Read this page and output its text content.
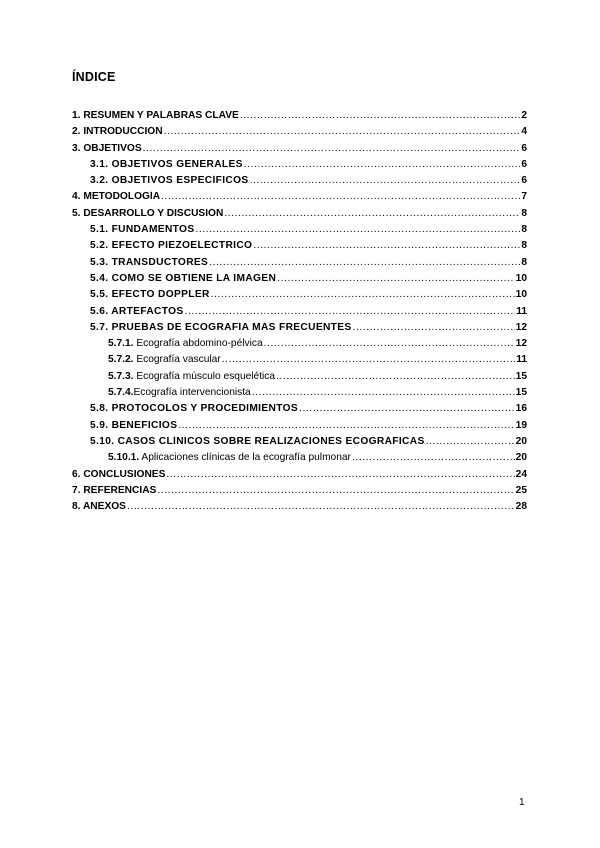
ÍNDICE
1. RESUMEN Y PALABRAS CLAVE .....	2
2. INTRODUCCIÓN .....	4
3. OBJETIVOS .....	6
3.1. OBJETIVOS GENERALES .....	6
3.2. OBJETIVOS ESPECÍFICOS .....	6
4. METODOLOGÍA .....	7
5. DESARROLLO Y DISCUSIÓN .....	8
5.1. FUNDAMENTOS .....	8
5.2. EFECTO PIEZOELÉCTRICO .....	8
5.3. TRANSDUCTORES .....	8
5.4. COMO SE OBTIENE LA IMAGEN .....	10
5.5. EFECTO DOPPLER .....	10
5.6. ARTEFACTOS .....	11
5.7. PRUEBAS DE ECOGRAFÍA MÁS FRECUENTES .....	12
5.7.1. Ecografía abdomino-pélvica .....	12
5.7.2. Ecografía vascular .....	11
5.7.3. Ecografía músculo esquelética .....	15
5.7.4.Ecografía intervencionista .....	15
5.8. PROTOCOLOS Y PROCEDIMIENTOS .....	16
5.9. BENEFICIOS .....	19
5.10. CASOS CLÍNICOS SOBRE REALIZACIONES ECOGRÁFICAS .....	20
5.10.1. Aplicaciones clínicas de la ecografía pulmonar .....	20
6. CONCLUSIONES .....	24
7. REFERENCIAS .....	25
8. ANEXOS .....	28
1
